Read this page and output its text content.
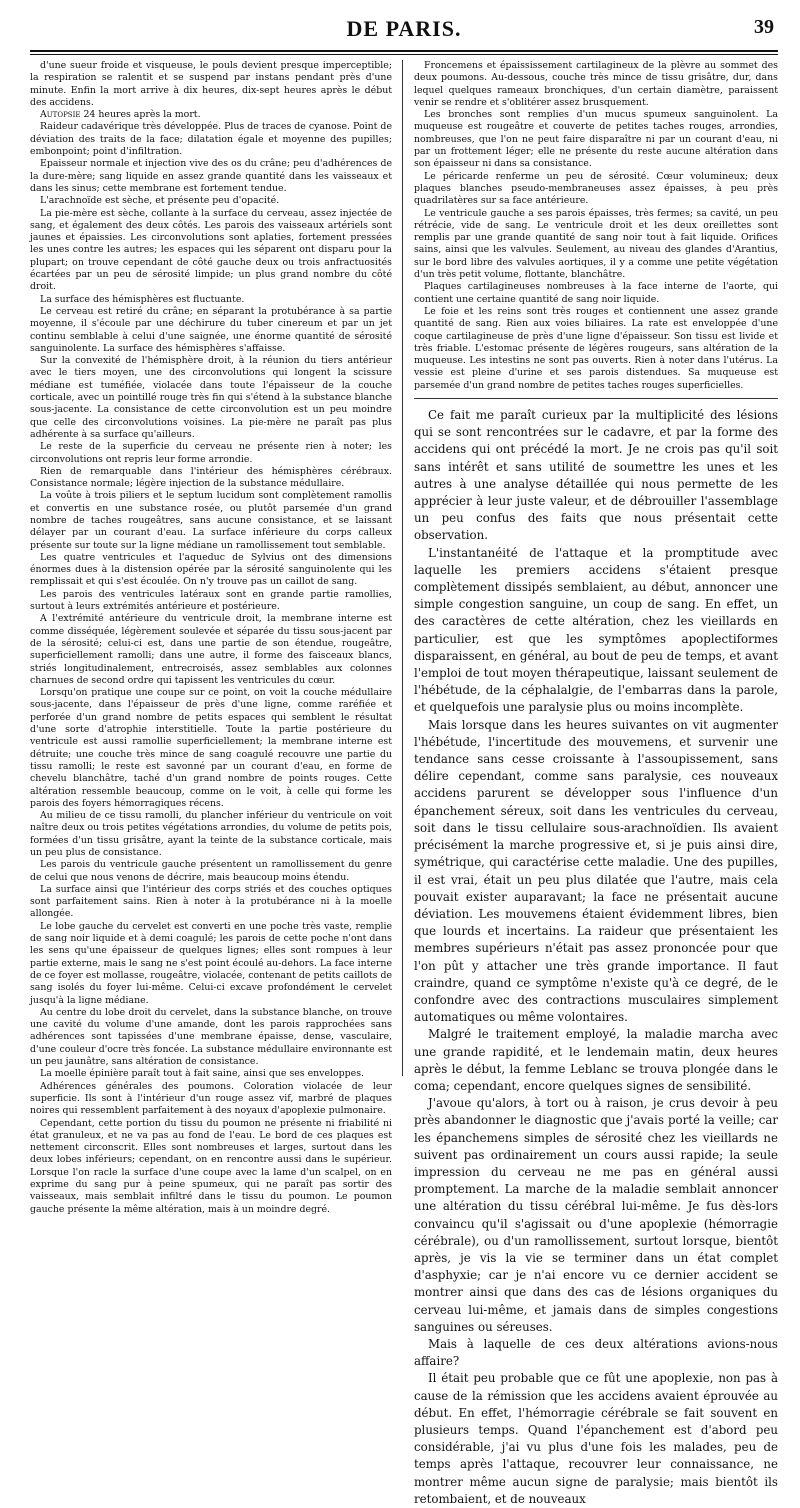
DE PARIS.	39

d'une sueur froide et visqueuse, le pouls devient presque imperceptible; la respiration se ralentit et se suspend par instans pendant près d'une minute. Enfin la mort arrive à dix heures, dix-sept heures après le début des accidens.

Autopsie 24 heures après la mort.

Raideur cadavérique très développée. Plus de traces de cyanose. Point de déviation des traits de la face; dilatation égale et moyenne des pupilles; embonpoint; point d'infiltration.

Epaisseur normale et injection vive des os du crâne; peu d'adhérences de la dure-mère; sang liquide en assez grande quantité dans les vaisseaux et dans les sinus; cette membrane est fortement tendue.

L'arachnoïde est sèche, et présente peu d'opacité.

La pie-mère est sèche, collante à la surface du cerveau, assez injectée de sang, et également des deux côtés. Les parois des vaisseaux artériels sont jaunes et épaissies. Les circonvolutions sont aplaties, fortement pressées les unes contre les autres; les espaces qui les séparent ont disparu pour la plupart; on trouve cependant de côté gauche deux ou trois anfractuosités écartées par un peu de sérosité limpide; un plus grand nombre du côté droit.

La surface des hémisphères est fluctuante.

Le cerveau est retiré du crâne; en séparant la protubérance à sa partie moyenne, il s'écoule par une déchirure du tuber cinereum et par un jet continu semblable à celui d'une saignée, une énorme quantité de sérosité sanguinolente. La surface des hémisphères s'affaisse.

Sur la convexité de l'hémisphère droit, à la réunion du tiers antérieur avec le tiers moyen, une des circonvolutions qui longent la scissure médiane est tuméfiée, violacée dans toute l'épaisseur de la couche corticale, avec un pointillé rouge très fin qui s'étend à la substance blanche sous-jacente. La consistance de cette circonvolution est un peu moindre que celle des circonvolutions voisines. La pie-mère ne paraît pas plus adhérente à sa surface qu'ailleurs.

Le reste de la superficie du cerveau ne présente rien à noter; les circonvolutions ont repris leur forme arrondie.

Rien de remarquable dans l'intérieur des hémisphères cérébraux. Consistance normale; légère injection de la substance médullaire.

La voûte à trois piliers et le septum lucidum sont complètement ramollis et convertis en une substance rosée, ou plutôt parsemée d'un grand nombre de taches rougeâtres, sans aucune consistance, et se laissant délayer par un courant d'eau. La surface inférieure du corps calleux présente sur toute sur la ligne médiane un ramollissement tout semblable.

Les quatre ventricules et l'aqueduc de Sylvius ont des dimensions énormes dues à la distension opérée par la sérosité sanguinolente qui les remplissait et qui s'est écoulée. On n'y trouve pas un caillot de sang.

Les parois des ventricules latéraux sont en grande partie ramollies, surtout à leurs extrémités antérieure et postérieure.

A l'extrémité antérieure du ventricule droit, la membrane interne est comme disséquée, légèrement soulevée et séparée du tissu sous-jacent par de la sérosité; celui-ci est, dans une partie de son étendue, rougeâtre, superficiellement ramolli; dans une autre, il forme des faisceaux blancs, striés longitudinalement, entrecroisés, assez semblables aux colonnes charnues de second ordre qui tapissent les ventricules du cœur.

Lorsqu'on pratique une coupe sur ce point, on voit la couche médullaire sous-jacente, dans l'épaisseur de près d'une ligne, comme raréfiée et perforée d'un grand nombre de petits espaces qui semblent le résultat d'une sorte d'atrophie interstitielle. Toute la partie postérieure du ventricule est aussi ramollie superficiellement; la membrane interne est détruite; une couche très mince de sang coagulé recouvre une partie du tissu ramolli; le reste est savonné par un courant d'eau, en forme de chevelu blanchâtre, taché d'un grand nombre de points rouges. Cette altération ressemble beaucoup, comme on le voit, à celle qui forme les parois des foyers hémorragiques récens.

Au milieu de ce tissu ramolli, du plancher inférieur du ventricule on voit naître deux ou trois petites végétations arrondies, du volume de petits pois, formées d'un tissu grisâtre, ayant la teinte de la substance corticale, mais un peu plus de consistance.

Les parois du ventricule gauche présentent un ramollissement du genre de celui que nous venons de décrire, mais beaucoup moins étendu.

La surface ainsi que l'intérieur des corps striés et des couches optiques sont parfaitement sains. Rien à noter à la protubérance ni à la moelle allongée.

Le lobe gauche du cervelet est converti en une poche très vaste, remplie de sang noir liquide et à demi coagulé; les parois de cette poche n'ont dans les sens qu'une épaisseur de quelques lignes; elles sont rompues à leur partie externe, mais le sang ne s'est point écoulé au-dehors. La face interne de ce foyer est mollasse, rougeâtre, violacée, contenant de petits caillots de sang isolés du foyer lui-même. Celui-ci excave profondément le cervelet jusqu'à la ligne médiane.

Au centre du lobe droit du cervelet, dans la substance blanche, on trouve une cavité du volume d'une amande, dont les parois rapprochées sans adhérences sont tapissées d'une membrane épaisse, dense, vasculaire, d'une couleur d'ocre très foncée. La substance médullaire environnante est un peu jaunâtre, sans altération de consistance.

La moelle épinière paraît tout à fait saine, ainsi que ses enveloppes.

Adhérences générales des poumons. Coloration violacée de leur superficie. Ils sont à l'intérieur d'un rouge assez vif, marbré de plaques noires qui ressemblent parfaitement à des noyaux d'apoplexie pulmonaire.

Cependant, cette portion du tissu du poumon ne présente ni friabilité ni état granuleux, et ne va pas au fond de l'eau. Le bord de ces plaques est nettement circonscrit. Elles sont nombreuses et larges, surtout dans les deux lobes inférieurs; cependant, on en rencontre aussi dans le supérieur. Lorsque l'on racle la surface d'une coupe avec la lame d'un scalpel, on en exprime du sang pur à peine spumeux, qui ne paraît pas sortir des vaisseaux, mais semblait infiltré dans le tissu du poumon. Le poumon gauche présente la même altération, mais à un moindre degré.

Froncemens et épaississement cartilagineux de la plèvre au sommet des deux poumons. Au-dessous, couche très mince de tissu grisâtre, dur, dans lequel quelques rameaux bronchiques, d'un certain diamètre, paraissent venir se rendre et s'oblitérer assez brusquement.

Les bronches sont remplies d'un mucus spumeux sanguinolent. La muqueuse est rougeâtre et couverte de petites taches rouges, arrondies, nombreuses, que l'on ne peut faire disparaître ni par un courant d'eau, ni par un frottement léger; elle ne présente du reste aucune altération dans son épaisseur ni dans sa consistance.

Le péricarde renferme un peu de sérosité. Cœur volumineux; deux plaques blanches pseudo-membraneuses assez épaisses, à peu près quadrilatères sur sa face antérieure.

Le ventricule gauche a ses parois épaisses, très fermes; sa cavité, un peu rétrécie, vide de sang. Le ventricule droit et les deux oreillettes sont remplis par une grande quantité de sang noir tout à fait liquide. Orifices sains, ainsi que les valvules. Seulement, au niveau des glandes d'Arantius, sur le bord libre des valvules aortiques, il y a comme une petite végétation d'un très petit volume, flottante, blanchâtre.

Plaques cartilagineuses nombreuses à la face interne de l'aorte, qui contient une certaine quantité de sang noir liquide.

Le foie et les reins sont très rouges et contiennent une assez grande quantité de sang. Rien aux voies biliaires. La rate est enveloppée d'une coque cartilagineuse de près d'une ligne d'épaisseur. Son tissu est livide et très friable. L'estomac présente de légères rougeurs, sans altération de la muqueuse. Les intestins ne sont pas ouverts. Rien à noter dans l'utérus. La vessie est pleine d'urine et ses parois distendues. Sa muqueuse est parsemée d'un grand nombre de petites taches rouges superficielles.

Ce fait me paraît curieux par la multiplicité des lésions qui se sont rencontrées sur le cadavre, et par la forme des accidens qui ont précédé la mort. Je ne crois pas qu'il soit sans intérêt et sans utilité de soumettre les unes et les autres à une analyse détaillée qui nous permette de les apprécier à leur juste valeur, et de débrouiller l'assemblage un peu confus des faits que nous présentait cette observation.

L'instantanéité de l'attaque et la promptitude avec laquelle les premiers accidens s'étaient presque complètement dissipés semblaient, au début, annoncer une simple congestion sanguine, un coup de sang. En effet, un des caractères de cette altération, chez les vieillards en particulier, est que les symptômes apoplectiformes disparaissent, en général, au bout de peu de temps, et avant l'emploi de tout moyen thérapeutique, laissant seulement de l'hébétude, de la céphalalgie, de l'embarras dans la parole, et quelquefois une paralysie plus ou moins incomplète.

Mais lorsque dans les heures suivantes on vit augmenter l'hébétude, l'incertitude des mouvemens, et survenir une tendance sans cesse croissante à l'assoupissement, sans délire cependant, comme sans paralysie, ces nouveaux accidens parurent se développer sous l'influence d'un épanchement séreux, soit dans les ventricules du cerveau, soit dans le tissu cellulaire sous-arachnoïdien. Ils avaient précisément la marche progressive et, si je puis ainsi dire, symétrique, qui caractérise cette maladie. Une des pupilles, il est vrai, était un peu plus dilatée que l'autre, mais cela pouvait exister auparavant; la face ne présentait aucune déviation. Les mouvemens étaient évidemment libres, bien que lourds et incertains. La raideur que présentaient les membres supérieurs n'était pas assez prononcée pour que l'on pût y attacher une très grande importance. Il faut craindre, quand ce symptôme n'existe qu'à ce degré, de le confondre avec des contractions musculaires simplement automatiques ou même volontaires.

Malgré le traitement employé, la maladie marcha avec une grande rapidité, et le lendemain matin, deux heures après le début, la femme Leblanc se trouva plongée dans le coma; cependant, encore quelques signes de sensibilité.

J'avoue qu'alors, à tort ou à raison, je crus devoir à peu près abandonner le diagnostic que j'avais porté la veille; car les épanchemens simples de sérosité chez les vieillards ne suivent pas ordinairement un cours aussi rapide; la seule impression du cerveau ne me pas en général aussi promptement. La marche de la maladie semblait annoncer une altération du tissu cérébral lui-même. Je fus dès-lors convaincu qu'il s'agissait ou d'une apoplexie (hémorragie cérébrale), ou d'un ramollissement, surtout lorsque, bientôt après, je vis la vie se terminer dans un état complet d'asphyxie; car je n'ai encore vu ce dernier accident se montrer ainsi que dans des cas de lésions organiques du cerveau lui-même, et jamais dans de simples congestions sanguines ou séreuses.

Mais à laquelle de ces deux altérations avions-nous affaire?

Il était peu probable que ce fût une apoplexie, non pas à cause de la rémission que les accidens avaient éprouvée au début. En effet, l'hémorragie cérébrale se fait souvent en plusieurs temps. Quand l'épanchement est d'abord peu considérable, j'ai vu plus d'une fois les malades, peu de temps après l'attaque, recouvrer leur connaissance, ne montrer même aucun signe de paralysie; mais bientôt ils retombaient, et de nouveaux
